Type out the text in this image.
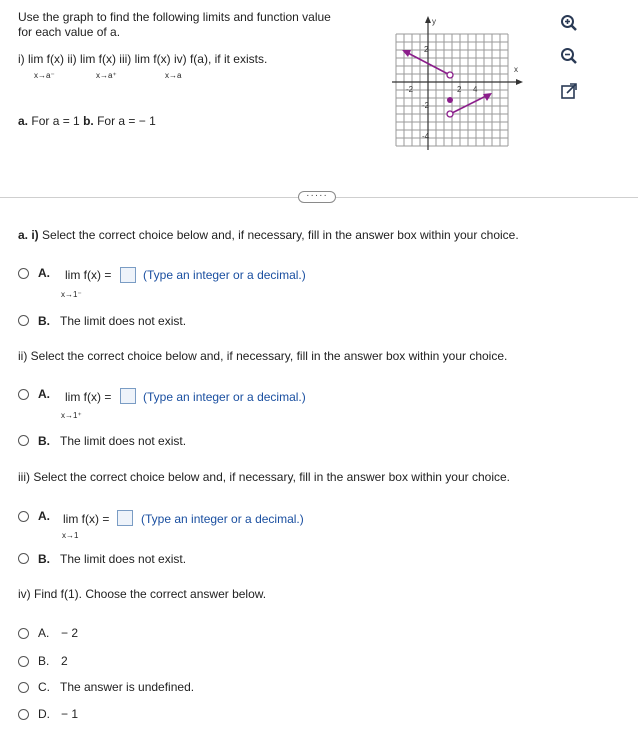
Use the graph to find the following limits and function value
for each value of a.
i) lim f(x) ii) lim f(x) iii) lim f(x) iv) f(a), if it exists.
x→a⁻	x→a⁺	x→a
a. For a = 1 b. For a = − 1
y
x
2
-2
-4
-2	2 4
·····
a. i) Select the correct choice below and, if necessary, fill in the answer box within your choice.
A. lim f(x) =
x→1⁻
(Type an integer or a decimal.)
B. The limit does not exist.
ii) Select the correct choice below and, if necessary, fill in the answer box within your choice.
A. lim f(x) =
x→1⁺
(Type an integer or a decimal.)
B. The limit does not exist.
iii) Select the correct choice below and, if necessary, fill in the answer box within your choice.
A. lim f(x) =
x→1
(Type an integer or a decimal.)
B. The limit does not exist.
iv) Find f(1). Choose the correct answer below.
A. − 2
B. 2
C. The answer is undefined.
D. − 1
